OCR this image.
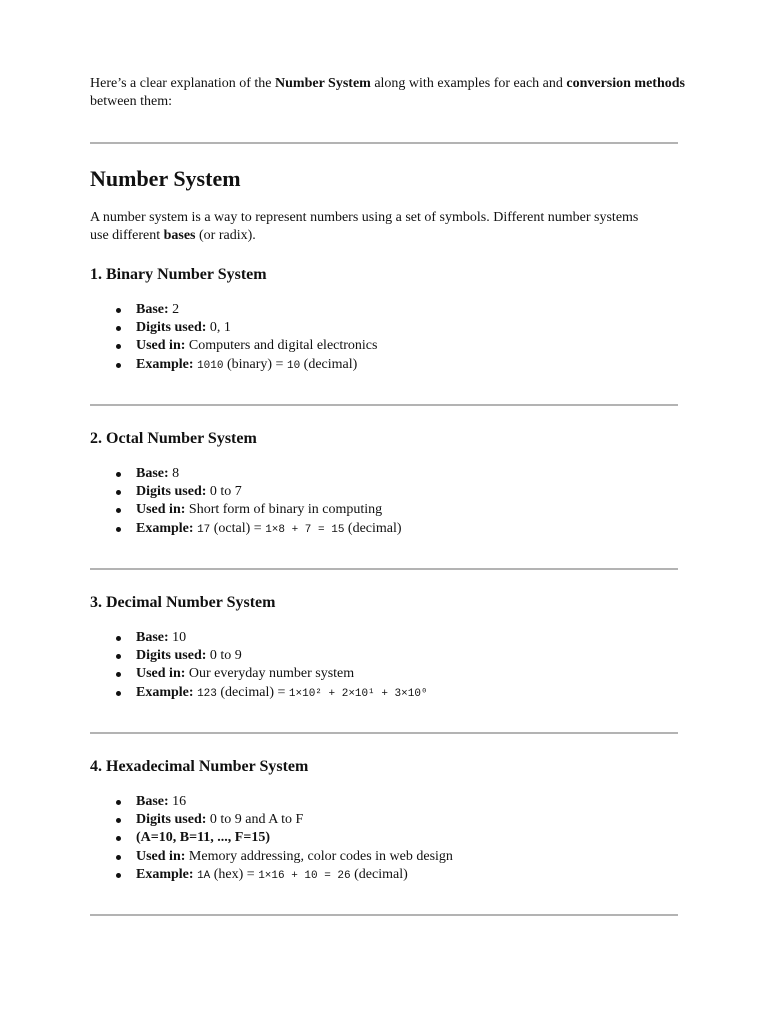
Here’s a clear explanation of the Number System along with examples for each and conversion methods between them:

Number System

A number system is a way to represent numbers using a set of symbols. Different number systems use different bases (or radix).

1. Binary Number System
Base: 2
Digits used: 0, 1
Used in: Computers and digital electronics
Example: 1010 (binary) = 10 (decimal)
2. Octal Number System
Base: 8
Digits used: 0 to 7
Used in: Short form of binary in computing
Example: 17 (octal) = 1×8 + 7 = 15 (decimal)
3. Decimal Number System
Base: 10
Digits used: 0 to 9
Used in: Our everyday number system
Example: 123 (decimal) = 1×10² + 2×10¹ + 3×10⁰
4. Hexadecimal Number System
Base: 16
Digits used: 0 to 9 and A to F
(A=10, B=11, ..., F=15)
Used in: Memory addressing, color codes in web design
Example: 1A (hex) = 1×16 + 10 = 26 (decimal)
